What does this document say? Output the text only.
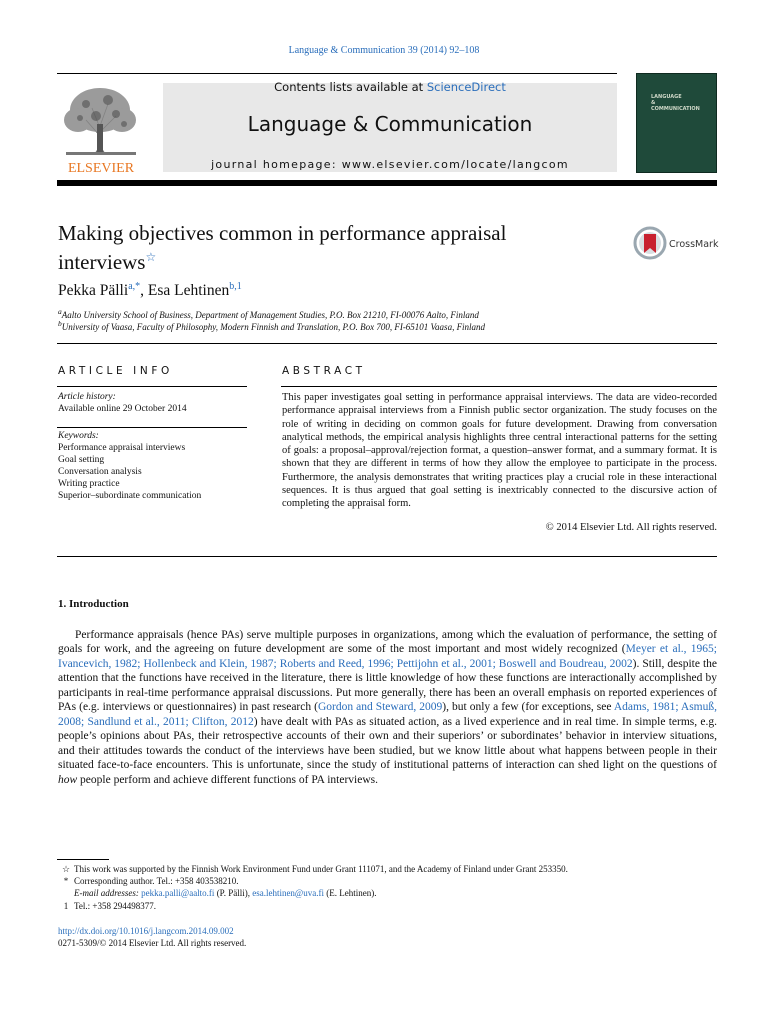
Language & Communication 39 (2014) 92–108
ELSEVIER
Contents lists available at ScienceDirect
Language & Communication
journal homepage: www.elsevier.com/locate/langcom
LANGUAGE
&
COMMUNICATION
Making objectives common in performance appraisal
interviews☆
CrossMark
Pekka Pälli$^{a,*}$, Esa Lehtinen$^{b,1}$
$^a$Aalto University School of Business, Department of Management Studies, P.O. Box 21210, FI-00076 Aalto, Finland
$^b$University of Vaasa, Faculty of Philosophy, Modern Finnish and Translation, P.O. Box 700, FI-65101 Vaasa, Finland
ARTICLE INFO
Article history:
Available online 29 October 2014
Keywords:
Performance appraisal interviews
Goal setting
Conversation analysis
Writing practice
Superior–subordinate communication
ABSTRACT
This paper investigates goal setting in performance appraisal interviews. The data are video-recorded performance appraisal interviews from a Finnish public sector organization. The study focuses on the role of writing in deciding on common goals for future development. Drawing from conversation analytical methods, the empirical analysis highlights three central interactional patterns for the setting of goals: a proposal–approval/rejection format, a question–answer format, and a summary format. It is shown that they are different in terms of how they allow the employee to participate in the process. Furthermore, the analysis demonstrates that writing practices play a crucial role in these interactional sequences. It is thus argued that goal setting is inextricably connected to the discursive action of completing the appraisal form.
© 2014 Elsevier Ltd. All rights reserved.
1. Introduction
Performance appraisals (hence PAs) serve multiple purposes in organizations, among which the evaluation of performance, the setting of goals for work, and the agreeing on future development are some of the most important and most widely recognized (Meyer et al., 1965; Ivancevich, 1982; Hollenbeck and Klein, 1987; Roberts and Reed, 1996; Pettijohn et al., 2001; Boswell and Boudreau, 2002). Still, despite the attention that the functions have received in the literature, there is little knowledge of how these functions are interactionally accomplished by participants in real-time performance appraisal discussions. Put more generally, there has been an overall emphasis on reported experiences of PAs (e.g. interviews or questionnaires) in past research (Gordon and Steward, 2009), but only a few (for exceptions, see Adams, 1981; Asmuß, 2008; Sandlund et al., 2011; Clifton, 2012) have dealt with PAs as situated action, as a lived experience and in real time. In simple terms, e.g. people’s opinions about PAs, their retrospective accounts of their own and their superiors’ or subordinates’ behavior in interview situations, and their attitudes towards the conduct of the interviews have been studied, but we know little about what happens between people in their situated face-to-face encounters. This is unfortunate, since the study of institutional patterns of interaction can shed light on the questions of how people perform and achieve different functions of PA interviews.
☆ This work was supported by the Finnish Work Environment Fund under Grant 111071, and the Academy of Finland under Grant 253350.
* Corresponding author. Tel.: +358 403538210.
E-mail addresses: pekka.palli@aalto.fi (P. Pälli), esa.lehtinen@uva.fi (E. Lehtinen).
1 Tel.: +358 294498377.
http://dx.doi.org/10.1016/j.langcom.2014.09.002
0271-5309/© 2014 Elsevier Ltd. All rights reserved.
